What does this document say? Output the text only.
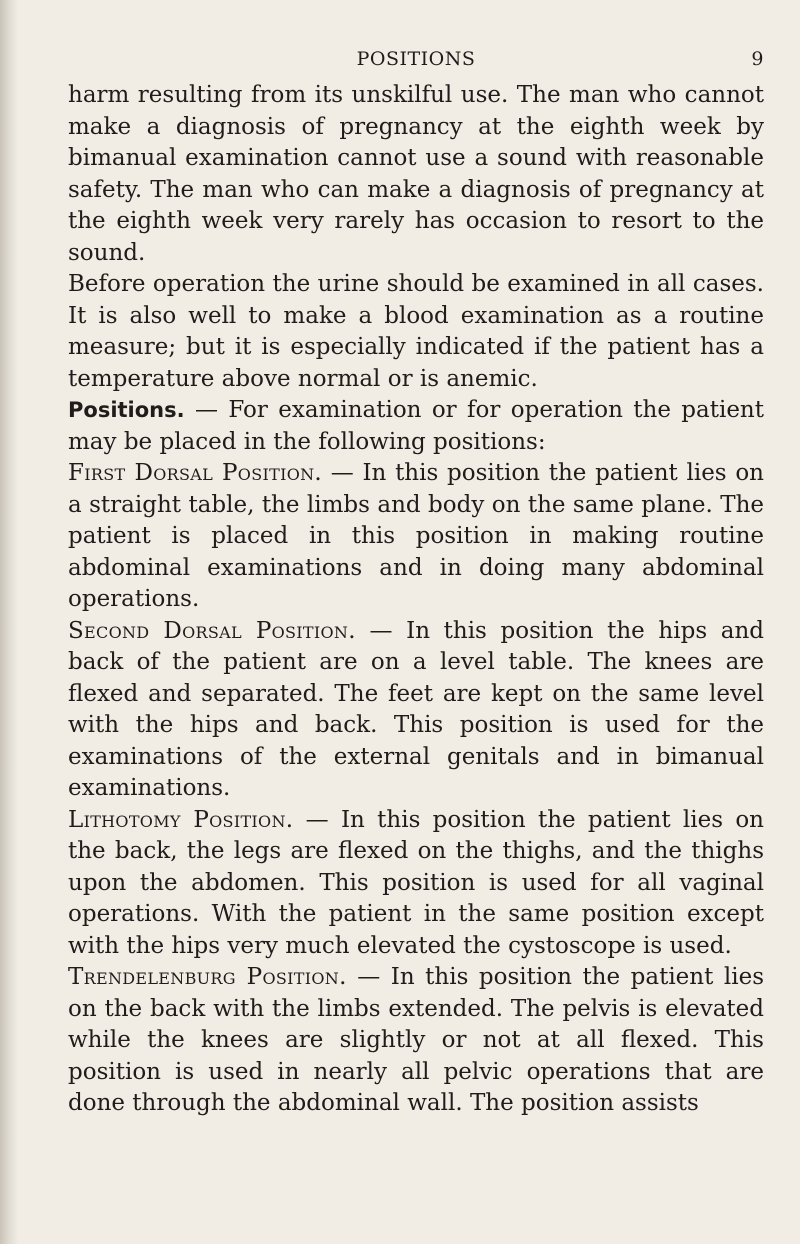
POSITIONS	9

harm resulting from its unskilful use. The man who cannot make a diagnosis of pregnancy at the eighth week by bimanual examination cannot use a sound with reasonable safety. The man who can make a diagnosis of pregnancy at the eighth week very rarely has occasion to resort to the sound.

Before operation the urine should be examined in all cases. It is also well to make a blood examination as a routine measure; but it is especially indicated if the patient has a temperature above normal or is anemic.

Positions. — For examination or for operation the patient may be placed in the following positions:

First Dorsal Position. — In this position the patient lies on a straight table, the limbs and body on the same plane. The patient is placed in this position in making routine abdominal examinations and in doing many abdominal operations.

Second Dorsal Position. — In this position the hips and back of the patient are on a level table. The knees are flexed and separated. The feet are kept on the same level with the hips and back. This position is used for the examinations of the external genitals and in bimanual examinations.

Lithotomy Position. — In this position the patient lies on the back, the legs are flexed on the thighs, and the thighs upon the abdomen. This position is used for all vaginal operations. With the patient in the same position except with the hips very much elevated the cystoscope is used.

Trendelenburg Position. — In this position the patient lies on the back with the limbs extended. The pelvis is elevated while the knees are slightly or not at all flexed. This position is used in nearly all pelvic operations that are done through the abdominal wall. The position assists
